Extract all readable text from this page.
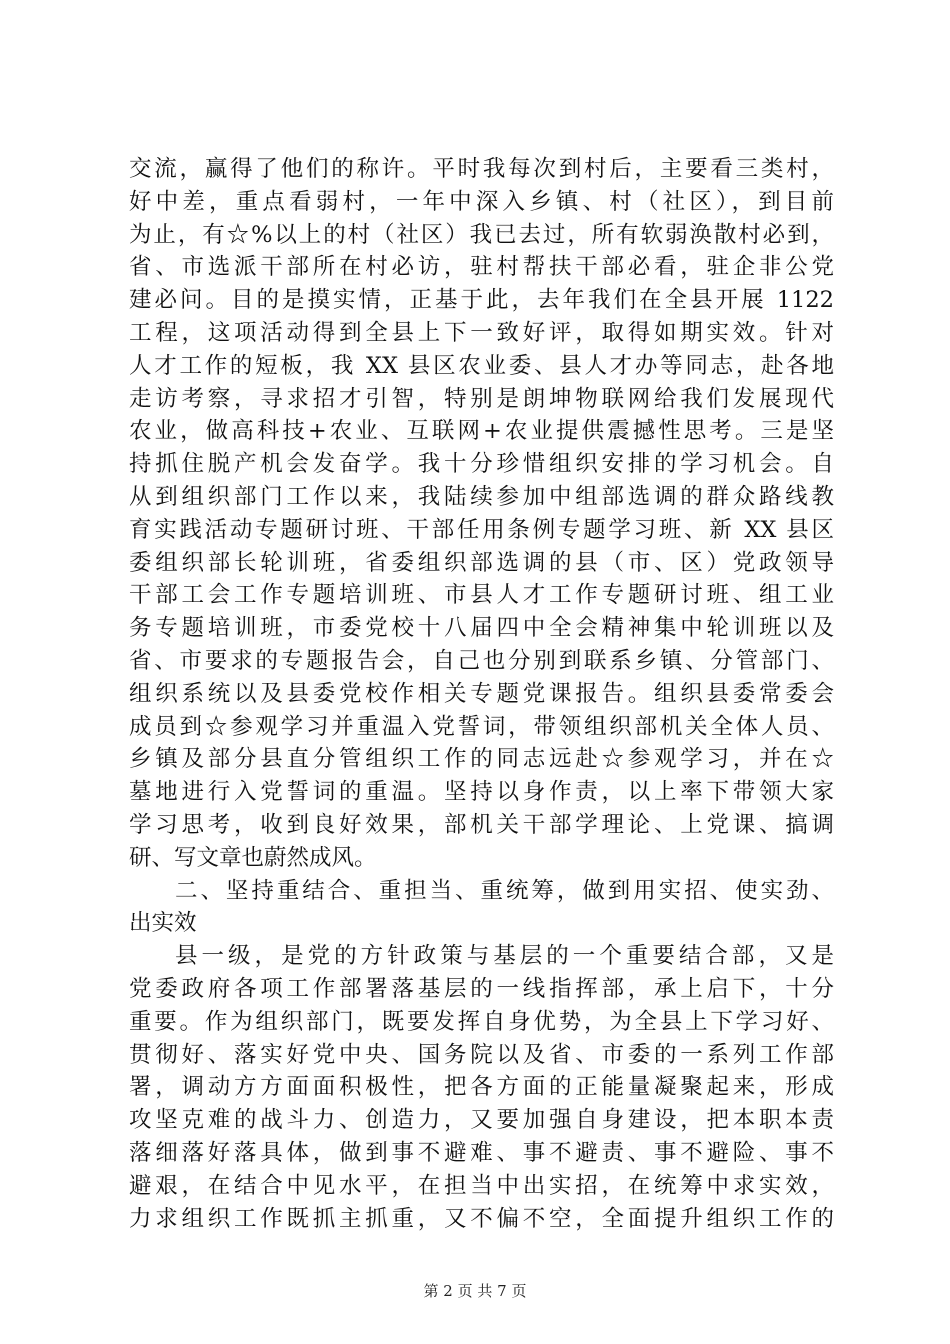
交流，赢得了他们的称许。平时我每次到村后，主要看三类村，
好中差，重点看弱村，一年中深入乡镇、村（社区），到目前
为止，有☆%以上的村（社区）我已去过，所有软弱涣散村必到，
省、市选派干部所在村必访，驻村帮扶干部必看，驻企非公党
建必问。目的是摸实情，正基于此，去年我们在全县开展 1122
工程，这项活动得到全县上下一致好评，取得如期实效。针对
人才工作的短板，我 XX 县区农业委、县人才办等同志，赴各地
走访考察，寻求招才引智，特别是朗坤物联网给我们发展现代
农业，做高科技+农业、互联网+农业提供震撼性思考。三是坚
持抓住脱产机会发奋学。我十分珍惜组织安排的学习机会。自
从到组织部门工作以来，我陆续参加中组部选调的群众路线教
育实践活动专题研讨班、干部任用条例专题学习班、新 XX 县区
委组织部长轮训班，省委组织部选调的县（市、区）党政领导
干部工会工作专题培训班、市县人才工作专题研讨班、组工业
务专题培训班，市委党校十八届四中全会精神集中轮训班以及
省、市要求的专题报告会，自己也分别到联系乡镇、分管部门、
组织系统以及县委党校作相关专题党课报告。组织县委常委会
成员到☆参观学习并重温入党誓词，带领组织部机关全体人员、
乡镇及部分县直分管组织工作的同志远赴☆参观学习，并在☆
墓地进行入党誓词的重温。坚持以身作责，以上率下带领大家
学习思考，收到良好效果，部机关干部学理论、上党课、搞调
研、写文章也蔚然成风。
二、坚持重结合、重担当、重统筹，做到用实招、使实劲、
出实效
县一级，是党的方针政策与基层的一个重要结合部，又是
党委政府各项工作部署落基层的一线指挥部，承上启下，十分
重要。作为组织部门，既要发挥自身优势，为全县上下学习好、
贯彻好、落实好党中央、国务院以及省、市委的一系列工作部
署，调动方方面面积极性，把各方面的正能量凝聚起来，形成
攻坚克难的战斗力、创造力，又要加强自身建设，把本职本责
落细落好落具体，做到事不避难、事不避责、事不避险、事不
避艰，在结合中见水平，在担当中出实招，在统筹中求实效，
力求组织工作既抓主抓重，又不偏不空，全面提升组织工作的
第 2 页 共 7 页
